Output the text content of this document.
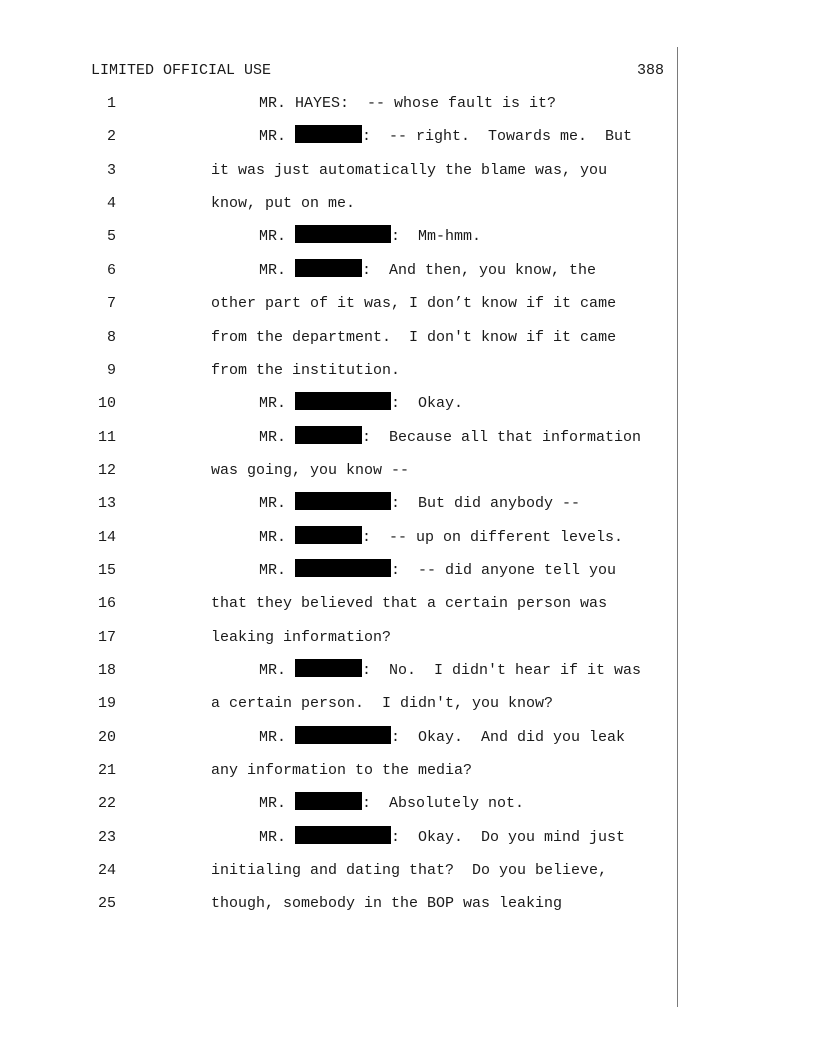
LIMITED OFFICIAL USE	388
1	MR. HAYES:  -- whose fault is it?
2	MR.	:  -- right.  Towards me.  But
3	it was just automatically the blame was, you
4	know, put on me.
5	MR.	:  Mm-hmm.
6	MR.	:  And then, you know, the
7	other part of it was, I don’t know if it came
8	from the department.  I don't know if it came
9	from the institution.
10	MR.	:  Okay.
11	MR.	:  Because all that information
12	was going, you know --
13	MR.	:  But did anybody --
14	MR.	:  -- up on different levels.
15	MR.	:  -- did anyone tell you
16	that they believed that a certain person was
17	leaking information?
18	MR.	:  No.  I didn't hear if it was
19	a certain person.  I didn't, you know?
20	MR.	:  Okay.  And did you leak
21	any information to the media?
22	MR.	:  Absolutely not.
23	MR.	:  Okay.  Do you mind just
24	initialing and dating that?  Do you believe,
25	though, somebody in the BOP was leaking
